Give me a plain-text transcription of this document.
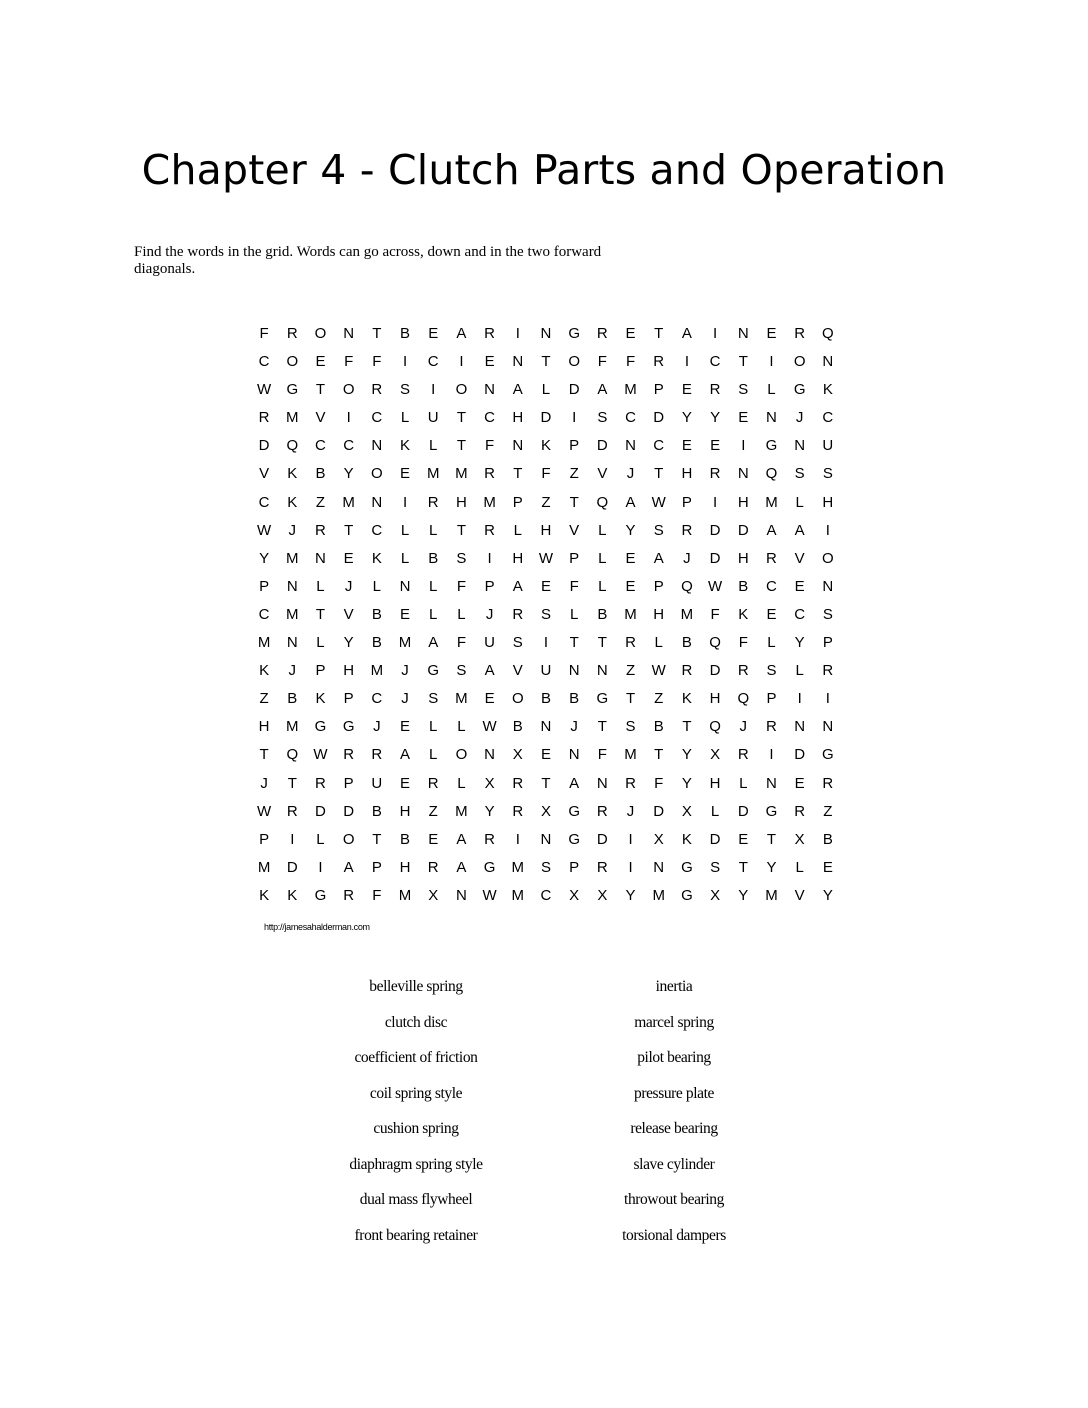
Chapter 4 - Clutch Parts and Operation
Find the words in the grid. Words can go across, down and in the two forward diagonals.
F	R	O	N	T	B	E	A	R	I	N	G	R	E	T	A	I	N	E	R	Q
C	O	E	F	F	I	C	I	E	N	T	O	F	F	R	I	C	T	I	O	N
W	G	T	O	R	S	I	O	N	A	L	D	A	M	P	E	R	S	L	G	K
R	M	V	I	C	L	U	T	C	H	D	I	S	C	D	Y	Y	E	N	J	C
D	Q	C	C	N	K	L	T	F	N	K	P	D	N	C	E	E	I	G	N	U
V	K	B	Y	O	E	M	M	R	T	F	Z	V	J	T	H	R	N	Q	S	S
C	K	Z	M	N	I	R	H	M	P	Z	T	Q	A	W	P	I	H	M	L	H
W	J	R	T	C	L	L	T	R	L	H	V	L	Y	S	R	D	D	A	A	I
Y	M	N	E	K	L	B	S	I	H	W	P	L	E	A	J	D	H	R	V	O
P	N	L	J	L	N	L	F	P	A	E	F	L	E	P	Q	W	B	C	E	N
C	M	T	V	B	E	L	L	J	R	S	L	B	M	H	M	F	K	E	C	S
M	N	L	Y	B	M	A	F	U	S	I	T	T	R	L	B	Q	F	L	Y	P
K	J	P	H	M	J	G	S	A	V	U	N	N	Z	W	R	D	R	S	L	R
Z	B	K	P	C	J	S	M	E	O	B	B	G	T	Z	K	H	Q	P	I	I
H	M	G	G	J	E	L	L	W	B	N	J	T	S	B	T	Q	J	R	N	N
T	Q	W	R	R	A	L	O	N	X	E	N	F	M	T	Y	X	R	I	D	G
J	T	R	P	U	E	R	L	X	R	T	A	N	R	F	Y	H	L	N	E	R
W	R	D	D	B	H	Z	M	Y	R	X	G	R	J	D	X	L	D	G	R	Z
P	I	L	O	T	B	E	A	R	I	N	G	D	I	X	K	D	E	T	X	B
M	D	I	A	P	H	R	A	G	M	S	P	R	I	N	G	S	T	Y	L	E
K	K	G	R	F	M	X	N	W M	C	X	X	Y	M	G	X	Y	M	V	Y
http://jamesahalderman.com
belleville spring
clutch disc
coefficient of friction
coil spring style
cushion spring
diaphragm spring style
dual mass flywheel
front bearing retainer
inertia
marcel spring
pilot bearing
pressure plate
release bearing
slave cylinder
throwout bearing
torsional dampers
